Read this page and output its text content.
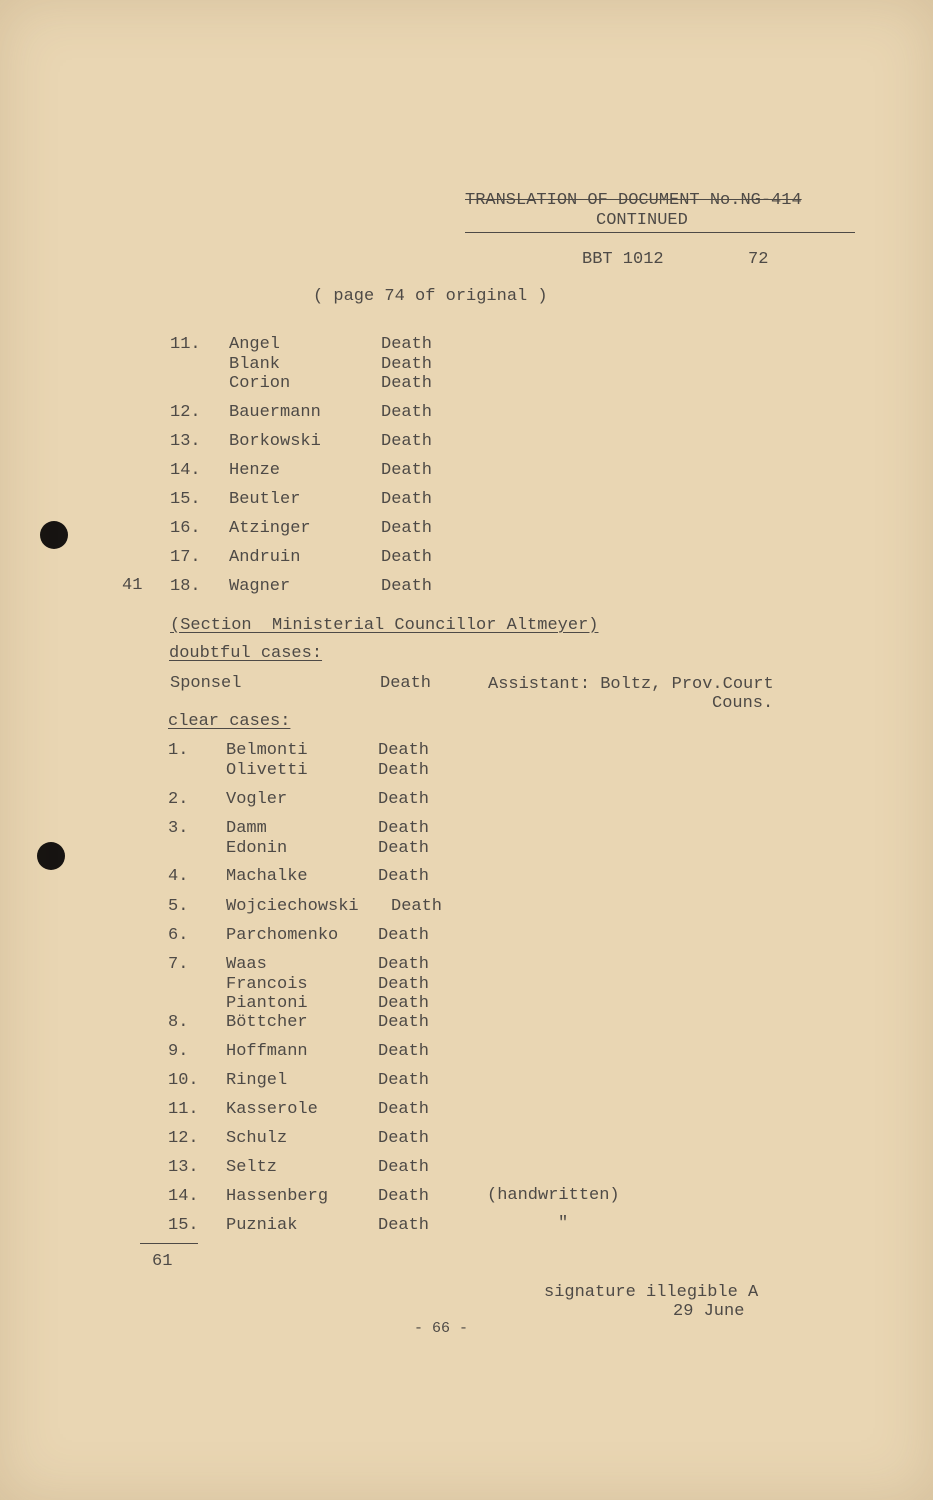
TRANSLATION OF DOCUMENT No.NG-414
CONTINUED
BBT 1012	72
( page 74 of original )
11. Angel	Death
Blank	Death
Corion	Death
12. Bauermann	Death
13. Borkowski	Death
14. Henze	Death
15. Beutler	Death
16. Atzinger	Death
17. Andruin	Death
18. Wagner	Death
41
(Section  Ministerial Councillor Altmeyer)
doubtful cases:
Sponsel	Death	Assistant: Boltz, Prov.Court
Couns.
clear cases:
1. Belmonti	Death
Olivetti	Death
2. Vogler	Death
3. Damm	Death
Edonin	Death
4. Machalke	Death
5. Wojciechowski Death
6. Parchomenko Death
7. Waas	Death
Francois	Death
Piantoni	Death
8. Böttcher	Death
9. Hoffmann	Death
10. Ringel	Death
11. Kasserole	Death
12. Schulz	Death
13. Seltz	Death
14. Hassenberg	Death
15. Puzniak	Death
(handwritten)
"
61
signature illegible A
29 June
- 66 -
